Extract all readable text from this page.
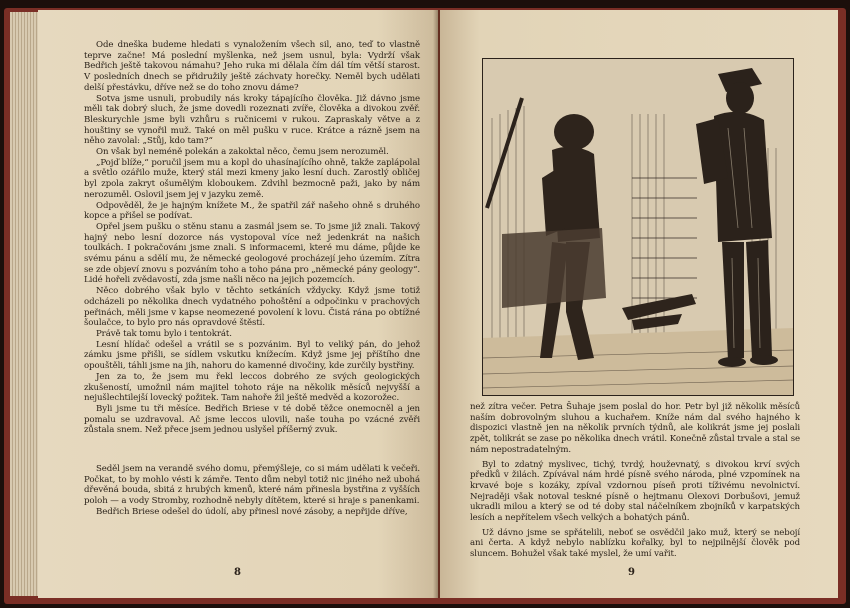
Ode dneška budeme hledati s vynaložením všech sil, ano, teď to vlastně teprve začne! Má poslední myšlenka, než jsem usnul, byla: Vydrží však Bedřich ještě takovou námahu? Jeho ruka mi dělala čím dál tím větší starost. V posledních dnech se přidružily ještě záchvaty horečky. Neměl bych udělati delší přestávku, dříve než se do toho znovu dáme?

Sotva jsme usnuli, probudily nás kroky tápajícího člověka. Již dávno jsme měli tak dobrý sluch, že jsme dovedli rozeznati zvíře, člověka a divokou zvěř. Bleskurychle jsme byli vzhůru s ručnicemi v rukou. Zapraskaly větve a z houštiny se vynořil muž. Také on měl pušku v ruce. Krátce a rázně jsem na něho zavolal: „Stůj, kdo tam?“

On však byl neméně polekán a zakoktal něco, čemu jsem nerozuměl.

„Pojď blíže,“ poručil jsem mu a kopl do uhasínajícího ohně, takže zaplápolal a světlo ozářilo muže, který stál mezi kmeny jako lesní duch. Zarostlý obličej byl zpola zakryt ošumělým kloboukem. Zdvihl bezmocně paži, jako by nám nerozuměl. Oslovil jsem jej v jazyku země.

Odpověděl, že je hajným knížete M., že spatřil zář našeho ohně s druhého kopce a přišel se podívat.

Opřel jsem pušku o stěnu stanu a zasmál jsem se. To jsme již znali. Takový hajný nebo lesní dozorce nás vystopoval více než jedenkrát na našich toulkách. I pokračovánı jsme znali. S informacemi, které mu dáme, půjde ke svému pánu a sdělí mu, že německé geologové procházejí jeho územím. Zítra se zde objeví znovu s pozváním toho a toho pána pro „německé pány geology“. Lidé hořeli zvědavostí, zda jsme našli něco na jejich pozemcích.

Něco dobrého však bylo v těchto setkáních vždycky. Když jsme totiž odcházeli po několika dnech vydatného pohoštění a odpočinku v prachových peřinách, měli jsme v kapse neomezené povolení k lovu. Čistá rána po obtížné šoulačce, to bylo pro nás opravdové štěstí.

Právě tak tomu bylo i tentokrát.

Lesní hlídač odešel a vrátil se s pozvánim. Byl to veliký pán, do jehož zámku jsme přišli, se sídlem vskutku knížecím. Když jsme jej příštího dne opouštěli, táhli jsme na jih, nahoru do kamenné divočiny, kde zurčily bystřiny.

Jen za to, že jsem mu řekl leccos dobrého ze svých geologických zkušeností, umožnil nám majitel tohoto ráje na několik měsíců nejvyšší a nejušlechtilejší lovecký požitek. Tam nahoře žil ještě medvěd a kozorožec.

Byli jsme tu tři měsíce. Bedřich Briese v té době těžce onemocněl a jen pomalu se uzdravoval. Ač jsme leccos ulovili, naše touha po vzácné zvěři zůstala snem. Než přece jsem jednou uslyšel příšerný zvuk.

Seděl jsem na verandě svého domu, přemýšleje, co si mám udělati k večeři. Počkat, to by mohlo vésti k zámře. Tento dům nebyl totiž nic jiného než ubohá dřevěná bouda, sbitá z hrubých kmenů, které nám přinesla bystřina z vyšších poloh — a vody Stromby, rozhodně nebyly dítětem, které si hraje s panenkami.

Bedřich Briese odešel do údolí, aby přinesl nové zásoby, a nepřijde dříve,

8

než zítra večer. Petra Šuhaje jsem poslal do hor. Petr byl již několik měsíců naším dobrovolným sluhou a kuchařem. Kníže nám dal svého hajného k dispozici vlastně jen na několik prvních týdnů, ale kolikrát jsme jej poslali zpět, tolikrát se zase po několika dnech vrátil. Konečně zůstal trvale a stal se nám nepostradatelným.

Byl to zdatný myslivec, tichý, tvrdý, houževnatý, s divokou krví svých předků v žilách. Zpívával nám hrdé písně svého národa, plné vzpomínek na krvavé boje s kozáky, zpíval vzdornou píseň proti tíživému nevolnictví. Nejraději však notoval teskné písně o hejtmanu Olexovi Dorbušovi, jemuž ukradli milou a který se od té doby stal náčelníkem zbojníků v karpatských lesích a nepřítelem všech velkých a bohatých pánů.

Už dávno jsme se spřátelili, neboť se osvědčil jako muž, který se nebojí ani čerta. A když nebylo nablízku kořalky, byl to nejpilnější člověk pod sluncem. Bohužel však také myslel, že umí vařit.

9
